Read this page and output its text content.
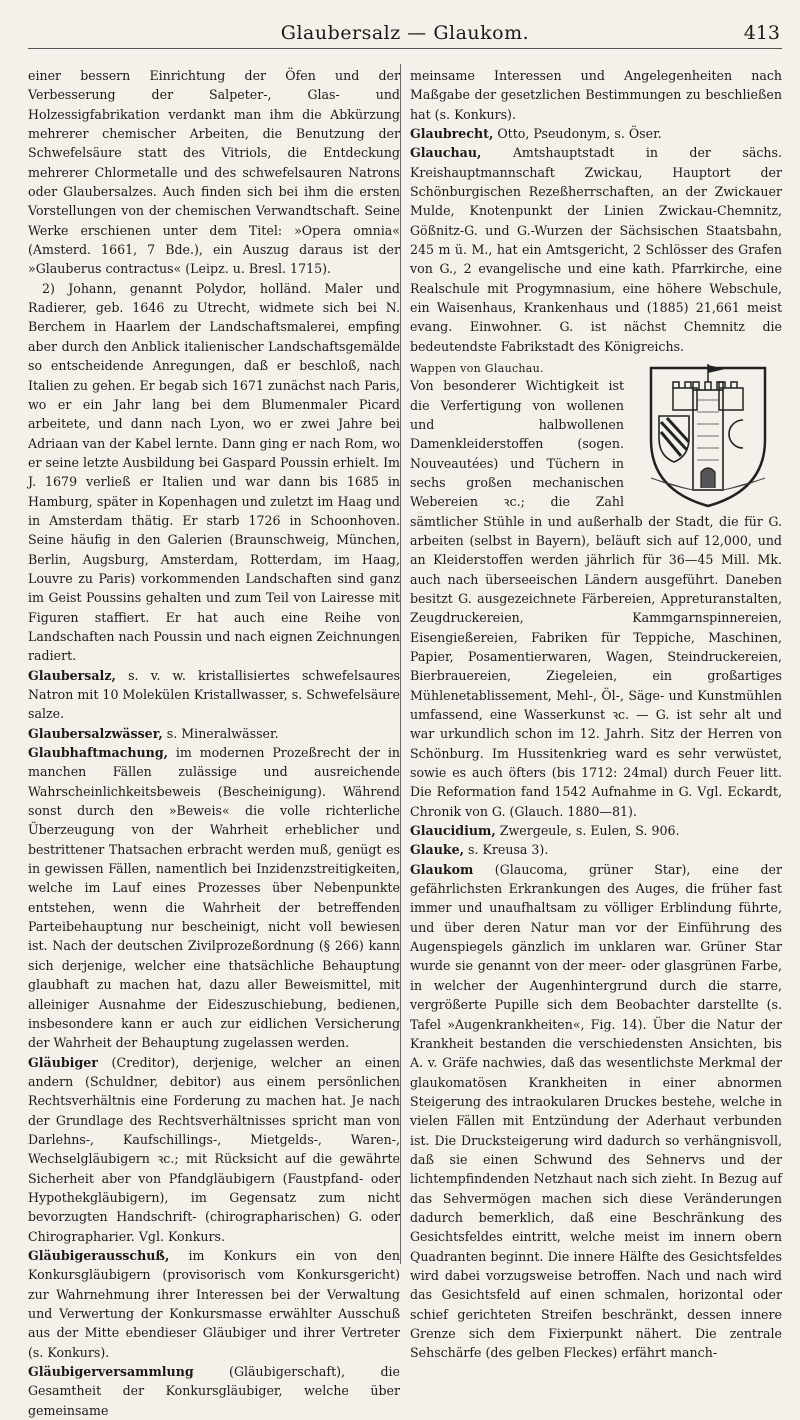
Glaubersalz — Glaukom.	413

einer bessern Einrichtung der Öfen und der Verbesserung der Salpeter-, Glas- und Holzessigfabrikation verdankt man ihm die Abkürzung mehrerer chemischer Arbeiten, die Benutzung der Schwefelsäure statt des Vitriols, die Entdeckung mehrerer Chlormetalle und des schwefelsauren Natrons oder Glaubersalzes. Auch finden sich bei ihm die ersten Vorstellungen von der chemischen Verwandtschaft. Seine Werke erschienen unter dem Titel: »Opera omnia« (Amsterd. 1661, 7 Bde.), ein Auszug daraus ist der »Glauberus contractus« (Leipz. u. Bresl. 1715).

2) Johann, genannt Polydor, holländ. Maler und Radierer, geb. 1646 zu Utrecht, widmete sich bei N. Berchem in Haarlem der Landschaftsmalerei, empfing aber durch den Anblick italienischer Landschaftsgemälde so entscheidende Anregungen, daß er beschloß, nach Italien zu gehen. Er begab sich 1671 zunächst nach Paris, wo er ein Jahr lang bei dem Blumenmaler Picard arbeitete, und dann nach Lyon, wo er zwei Jahre bei Adriaan van der Kabel lernte. Dann ging er nach Rom, wo er seine letzte Ausbildung bei Gaspard Poussin erhielt. Im J. 1679 verließ er Italien und war dann bis 1685 in Hamburg, später in Kopenhagen und zuletzt im Haag und in Amsterdam thätig. Er starb 1726 in Schoonhoven. Seine häufig in den Galerien (Braunschweig, München, Berlin, Augsburg, Amsterdam, Rotterdam, im Haag, Louvre zu Paris) vorkommenden Landschaften sind ganz im Geist Poussins gehalten und zum Teil von Lairesse mit Figuren staffiert. Er hat auch eine Reihe von Landschaften nach Poussin und nach eignen Zeichnungen radiert.

Glaubersalz, s. v. w. kristallisiertes schwefelsaures Natron mit 10 Molekülen Kristallwasser, s. Schwefelsäure salze.

Glaubersalzwässer, s. Mineralwässer.

Glaubhaftmachung, im modernen Prozeßrecht der in manchen Fällen zulässige und ausreichende Wahrscheinlichkeitsbeweis (Bescheinigung). Während sonst durch den »Beweis« die volle richterliche Überzeugung von der Wahrheit erheblicher und bestrittener Thatsachen erbracht werden muß, genügt es in gewissen Fällen, namentlich bei Inzidenzstreitigkeiten, welche im Lauf eines Prozesses über Nebenpunkte entstehen, wenn die Wahrheit der betreffenden Parteibehauptung nur bescheinigt, nicht voll bewiesen ist. Nach der deutschen Zivilprozeßordnung (§ 266) kann sich derjenige, welcher eine thatsächliche Behauptung glaubhaft zu machen hat, dazu aller Beweismittel, mit alleiniger Ausnahme der Eideszuschiebung, bedienen, insbesondere kann er auch zur eidlichen Versicherung der Wahrheit der Behauptung zugelassen werden.

Gläubiger (Creditor), derjenige, welcher an einen andern (Schuldner, debitor) aus einem persönlichen Rechtsverhältnis eine Forderung zu machen hat. Je nach der Grundlage des Rechtsverhältnisses spricht man von Darlehns-, Kaufschillings-, Mietgelds-, Waren-, Wechselgläubigern ꝛc.; mit Rücksicht auf die gewährte Sicherheit aber von Pfandgläubigern (Faustpfand- oder Hypothekgläubigern), im Gegensatz zum nicht bevorzugten Handschrift- (chirographarischen) G. oder Chirographarier. Vgl. Konkurs.

Gläubigerausschuß, im Konkurs ein von den Konkursgläubigern (provisorisch vom Konkursgericht) zur Wahrnehmung ihrer Interessen bei der Verwaltung und Verwertung der Konkursmasse erwählter Ausschuß aus der Mitte ebendieser Gläubiger und ihrer Vertreter (s. Konkurs).

Gläubigerversammlung (Gläubigerschaft), die Gesamtheit der Konkursgläubiger, welche über gemeinsame

meinsame Interessen und Angelegenheiten nach Maßgabe der gesetzlichen Bestimmungen zu beschließen hat (s. Konkurs).

Glaubrecht, Otto, Pseudonym, s. Öser.

Glauchau, Amtshauptstadt in der sächs. Kreishauptmannschaft Zwickau, Hauptort der Schönburgischen Rezeßherrschaften, an der Zwickauer Mulde, Knotenpunkt der Linien Zwickau-Chemnitz, Gößnitz-G. und G.-Wurzen der Sächsischen Staatsbahn, 245 m ü. M., hat ein Amtsgericht, 2 Schlösser des Grafen von G., 2 evangelische und eine kath. Pfarrkirche, eine Realschule mit Progymnasium, eine höhere Webschule, ein Waisenhaus, Krankenhaus und (1885) 21,661 meist evang. Einwohner. G. ist nächst Chemnitz die bedeutendste Fabrikstadt des Königreichs.

Wappen von Glauchau.
Von besonderer Wichtigkeit ist die Verfertigung von wollenen und halbwollenen Damenkleiderstoffen (sogen. Nouveautées) und Tüchern in sechs großen mechanischen Webereien ꝛc.; die Zahl sämtlicher Stühle in und außerhalb der Stadt, die für G. arbeiten (selbst in Bayern), beläuft sich auf 12,000, und an Kleiderstoffen werden jährlich für 36—45 Mill. Mk. auch nach überseeischen Ländern ausgeführt. Daneben besitzt G. ausgezeichnete Färbereien, Appreturanstalten, Zeugdruckereien, Kammgarnspinnereien, Eisengießereien, Fabriken für Teppiche, Maschinen, Papier, Posamentierwaren, Wagen, Steindruckereien, Bierbrauereien, Ziegeleien, ein großartiges Mühlenetablissement, Mehl-, Öl-, Säge- und Kunstmühlen umfassend, eine Wasserkunst ꝛc. — G. ist sehr alt und war urkundlich schon im 12. Jahrh. Sitz der Herren von Schönburg. Im Hussitenkrieg ward es sehr verwüstet, sowie es auch öfters (bis 1712: 24mal) durch Feuer litt. Die Reformation fand 1542 Aufnahme in G. Vgl. Eckardt, Chronik von G. (Glauch. 1880—81).

Glaucidium, Zwergeule, s. Eulen, S. 906.

Glauke, s. Kreusa 3).

Glaukom (Glaucoma, grüner Star), eine der gefährlichsten Erkrankungen des Auges, die früher fast immer und unaufhaltsam zu völliger Erblindung führte, und über deren Natur man vor der Einführung des Augenspiegels gänzlich im unklaren war. Grüner Star wurde sie genannt von der meer- oder glasgrünen Farbe, in welcher der Augenhintergrund durch die starre, vergrößerte Pupille sich dem Beobachter darstellte (s. Tafel »Augenkrankheiten«, Fig. 14). Über die Natur der Krankheit bestanden die verschiedensten Ansichten, bis A. v. Gräfe nachwies, daß das wesentlichste Merkmal der glaukomatösen Krankheiten in einer abnormen Steigerung des intraokularen Druckes bestehe, welche in vielen Fällen mit Entzündung der Aderhaut verbunden ist. Die Drucksteigerung wird dadurch so verhängnisvoll, daß sie einen Schwund des Sehnervs und der lichtempfindenden Netzhaut nach sich zieht. In Bezug auf das Sehvermögen machen sich diese Veränderungen dadurch bemerklich, daß eine Beschränkung des Gesichtsfeldes eintritt, welche meist im innern obern Quadranten beginnt. Die innere Hälfte des Gesichtsfeldes wird dabei vorzugsweise betroffen. Nach und nach wird das Gesichtsfeld auf einen schmalen, horizontal oder schief gerichteten Streifen beschränkt, dessen innere Grenze sich dem Fixierpunkt nähert. Die zentrale Sehschärfe (des gelben Fleckes) erfährt manch-
